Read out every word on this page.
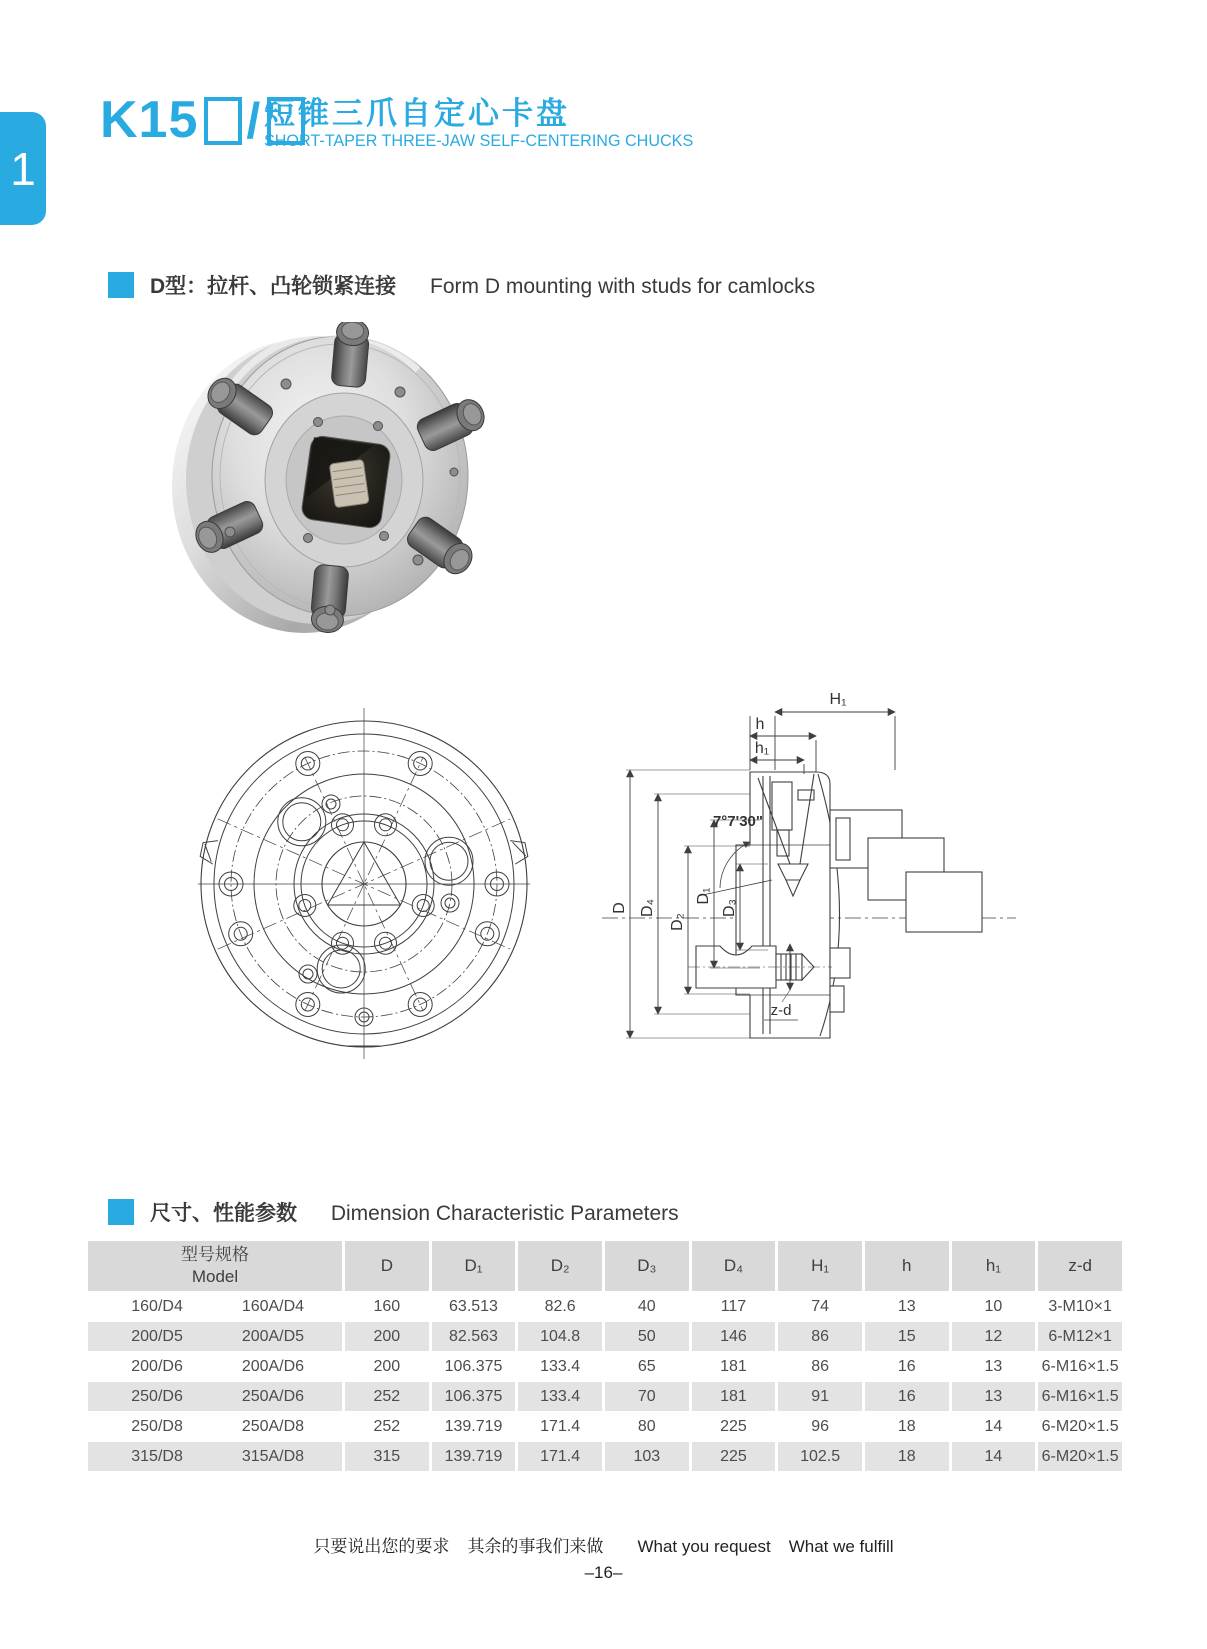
1
K15 / 短锥三爪自定心卡盘
SHORT-TAPER THREE-JAW SELF-CENTERING CHUCKS
D型：拉杆、凸轮锁紧连接 Form D mounting with studs for camlocks
H₁
h
h₁
7°7'30"
D D₄
D₂
D₁
D₃
z-d
尺寸、性能参数 Dimension Characteristic Parameters
型号规格
Model	D	D₁	D₂	D₃	D₄	H₁	h	h₁	z-d
160/D4 160A/D4	160	63.513	82.6	40	117	74	13	10	3-M10×1
200/D5 200A/D5	200	82.563	104.8	50	146	86	15	12	6-M12×1
200/D6 200A/D6	200	106.375	133.4	65	181	86	16	13	6-M16×1.5
250/D6 250A/D6	252	106.375	133.4	70	181	91	16	13	6-M16×1.5
250/D8 250A/D8	252	139.719	171.4	80	225	96	18	14	6-M20×1.5
315/D8 315A/D8	315	139.719	171.4	103	225	102.5	18	14	6-M20×1.5
只要说出您的要求 其余的事我们来做 What you request What we fulfill
–16–
